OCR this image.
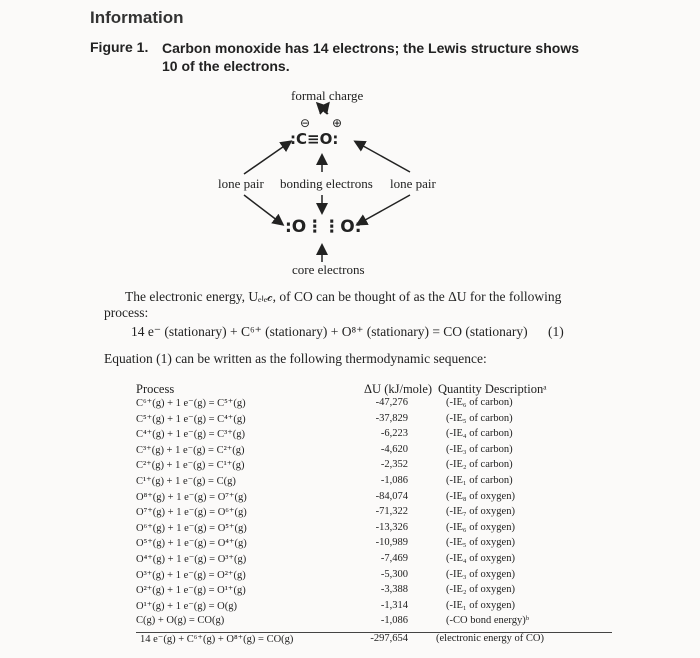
Information
Figure 1. Carbon monoxide has 14 electrons; the Lewis structure shows 10 of the electrons.
formal charge
⊖ ⊕
:C≡O:
lone pair bonding electrons lone pair
:O⋮⋮O:
core electrons
The electronic energy, Uₑₗₑ𝒸, of CO can be thought of as the ΔU for the following
process:
14 e⁻ (stationary) + C⁶⁺ (stationary) + O⁸⁺ (stationary) = CO (stationary) (1)
Equation (1) can be written as the following thermodynamic sequence:
Process	ΔU (kJ/mole) Quantity Descriptionᵃ
C⁶⁺(g) + 1 e⁻(g) = C⁵⁺(g)	-47,276	(-IE₆ of carbon)
C⁵⁺(g) + 1 e⁻(g) = C⁴⁺(g)	-37,829	(-IE₅ of carbon)
C⁴⁺(g) + 1 e⁻(g) = C³⁺(g)	-6,223	(-IE₄ of carbon)
C³⁺(g) + 1 e⁻(g) = C²⁺(g)	-4,620	(-IE₃ of carbon)
C²⁺(g) + 1 e⁻(g) = C¹⁺(g)	-2,352	(-IE₂ of carbon)
C¹⁺(g) + 1 e⁻(g) = C(g)	-1,086	(-IE₁ of carbon)
O⁸⁺(g) + 1 e⁻(g) = O⁷⁺(g)	-84,074	(-IE₈ of oxygen)
O⁷⁺(g) + 1 e⁻(g) = O⁶⁺(g)	-71,322	(-IE₇ of oxygen)
O⁶⁺(g) + 1 e⁻(g) = O⁵⁺(g)	-13,326	(-IE₆ of oxygen)
O⁵⁺(g) + 1 e⁻(g) = O⁴⁺(g)	-10,989	(-IE₅ of oxygen)
O⁴⁺(g) + 1 e⁻(g) = O³⁺(g)	-7,469	(-IE₄ of oxygen)
O³⁺(g) + 1 e⁻(g) = O²⁺(g)	-5,300	(-IE₃ of oxygen)
O²⁺(g) + 1 e⁻(g) = O¹⁺(g)	-3,388	(-IE₂ of oxygen)
O¹⁺(g) + 1 e⁻(g) = O(g)	-1,314	(-IE₁ of oxygen)
C(g) + O(g) = CO(g)	-1,086	(-CO bond energy)ᵇ
14 e⁻(g) + C⁶⁺(g) + O⁸⁺(g) = CO(g)	-297,654	(electronic energy of CO)
